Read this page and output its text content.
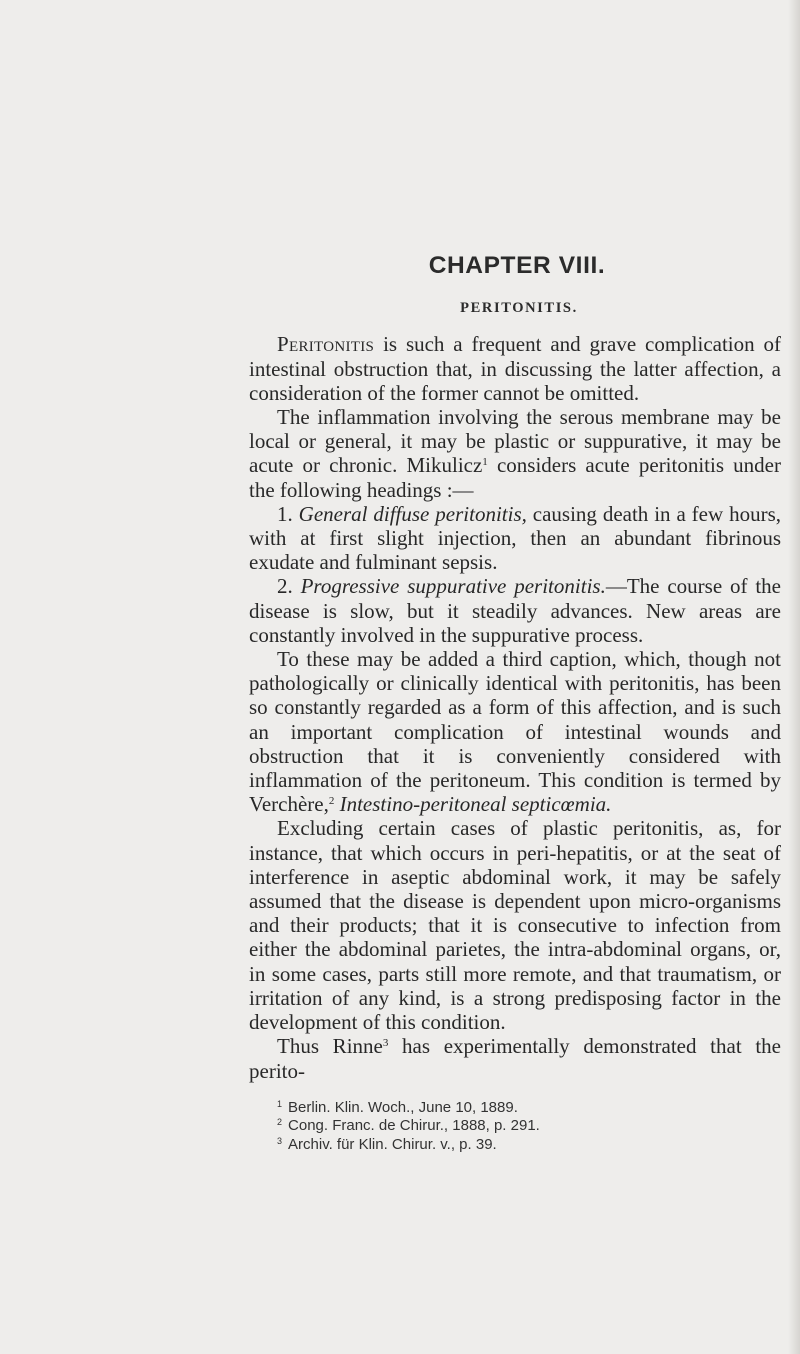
CHAPTER VIII.
PERITONITIS.

Peritonitis is such a frequent and grave complication of intestinal obstruction that, in discussing the latter affection, a consideration of the former cannot be omitted.

The inflammation involving the serous membrane may be local or general, it may be plastic or suppurative, it may be acute or chronic. Mikulicz$^1$ considers acute peritonitis under the following headings :—

1. General diffuse peritonitis, causing death in a few hours, with at first slight injection, then an abundant fibrinous exudate and fulminant sepsis.

2. Progressive suppurative peritonitis.—The course of the disease is slow, but it steadily advances. New areas are constantly involved in the suppurative process.

To these may be added a third caption, which, though not pathologically or clinically identical with peritonitis, has been so constantly regarded as a form of this affection, and is such an important complication of intestinal wounds and obstruction that it is conveniently considered with inflammation of the peritoneum. This condition is termed by Verchère,$^2$ Intestino-peritoneal septicœmia.

Excluding certain cases of plastic peritonitis, as, for instance, that which occurs in peri-hepatitis, or at the seat of interference in aseptic abdominal work, it may be safely assumed that the disease is dependent upon micro-organisms and their products; that it is consecutive to infection from either the abdominal parietes, the intra-abdominal organs, or, in some cases, parts still more remote, and that traumatism, or irritation of any kind, is a strong predisposing factor in the development of this condition.

Thus Rinne$^3$ has experimentally demonstrated that the perito-

$^1$ Berlin. Klin. Woch., June 10, 1889.
$^2$ Cong. Franc. de Chirur., 1888, p. 291.
$^3$ Archiv. für Klin. Chirur. v., p. 39.
